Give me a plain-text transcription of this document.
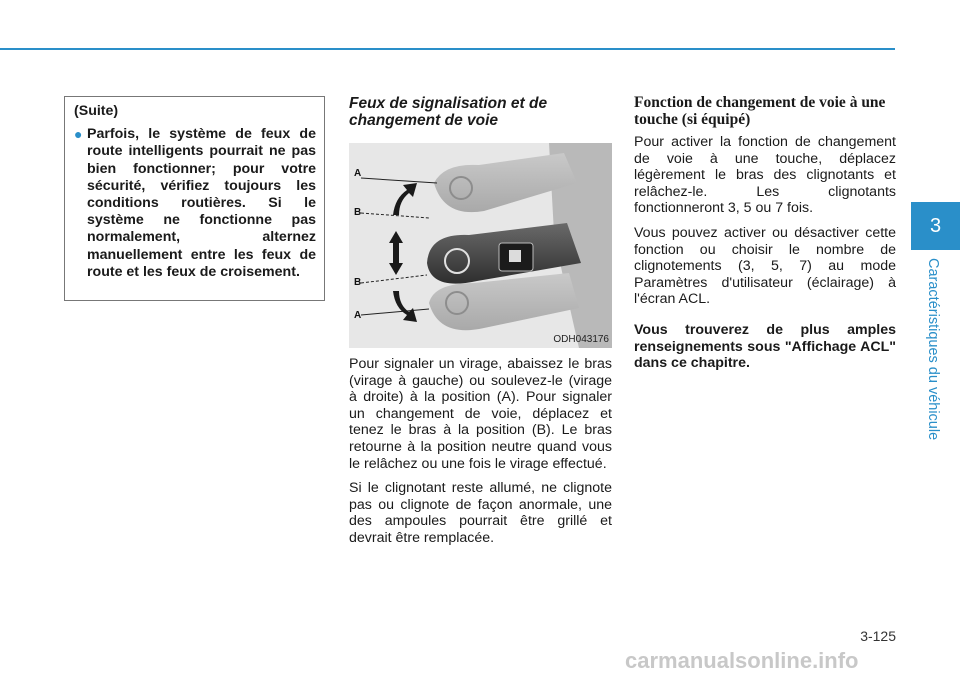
(Suite)
● Parfois, le système de feux de route intelligents pourrait ne pas bien fonctionner; pour votre sécurité, vérifiez toujours les conditions routières. Si le système ne fonctionne pas normalement, alternez manuellement entre les feux de route et les feux de croisement.
Feux de signalisation et de changement de voie
A
B
B
A
ODH043176

Pour signaler un virage, abaissez le bras (virage à gauche) ou soulevez-le (virage à droite) à la position (A). Pour signaler un changement de voie, déplacez et tenez le bras à la position (B). Le bras retourne à la position neutre quand vous le relâchez ou une fois le virage effectué.

Si le clignotant reste allumé, ne clignote pas ou clignote de façon anormale, une des ampoules pourrait être grillé et devrait être remplacée.

Fonction de changement de voie à une touche (si équipé)

Pour activer la fonction de changement de voie à une touche, déplacez légèrement le bras des clignotants et relâchez-le. Les clignotants fonctionneront 3, 5 ou 7 fois.

Vous pouvez activer ou désactiver cette fonction ou choisir le nombre de clignotements (3, 5, 7) au mode Paramètres d'utilisateur (éclairage) à l'écran ACL.

Vous trouverez de plus amples renseignements sous "Affichage ACL" dans ce chapitre.

3
Caractéristiques du véhicule
3-125
carmanualsonline.info
